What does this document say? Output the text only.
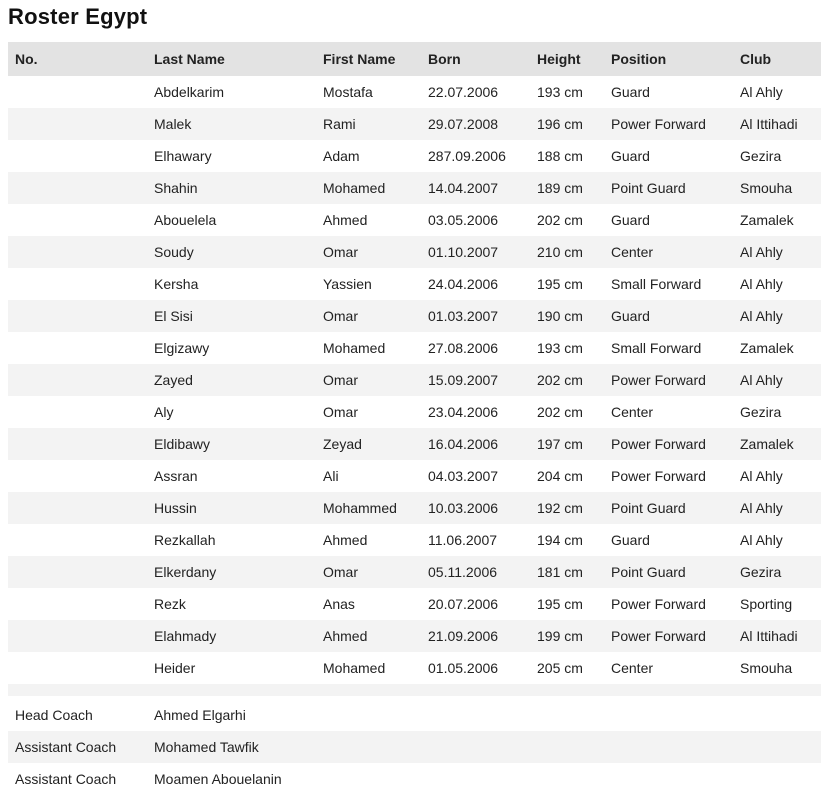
Roster Egypt
No.	Last Name	First Name	Born	Height	Position	Club
	Abdelkarim	Mostafa	22.07.2006	193 cm	Guard	Al Ahly
	Malek	Rami	29.07.2008	196 cm	Power Forward	Al Ittihadi
	Elhawary	Adam	287.09.2006	188 cm	Guard	Gezira
	Shahin	Mohamed	14.04.2007	189 cm	Point Guard	Smouha
	Abouelela	Ahmed	03.05.2006	202 cm	Guard	Zamalek
	Soudy	Omar	01.10.2007	210 cm	Center	Al Ahly
	Kersha	Yassien	24.04.2006	195 cm	Small Forward	Al Ahly
	El Sisi	Omar	01.03.2007	190 cm	Guard	Al Ahly
	Elgizawy	Mohamed	27.08.2006	193 cm	Small Forward	Zamalek
	Zayed	Omar	15.09.2007	202 cm	Power Forward	Al Ahly
	Aly	Omar	23.04.2006	202 cm	Center	Gezira
	Eldibawy	Zeyad	16.04.2006	197 cm	Power Forward	Zamalek
	Assran	Ali	04.03.2007	204 cm	Power Forward	Al Ahly
	Hussin	Mohammed	10.03.2006	192 cm	Point Guard	Al Ahly
	Rezkallah	Ahmed	11.06.2007	194 cm	Guard	Al Ahly
	Elkerdany	Omar	05.11.2006	181 cm	Point Guard	Gezira
	Rezk	Anas	20.07.2006	195 cm	Power Forward	Sporting
	Elahmady	Ahmed	21.09.2006	199 cm	Power Forward	Al Ittihadi
	Heider	Mohamed	01.05.2006	205 cm	Center	Smouha

Head Coach	Ahmed Elgarhi
Assistant Coach	Mohamed Tawfik
Assistant Coach	Moamen Abouelanin
